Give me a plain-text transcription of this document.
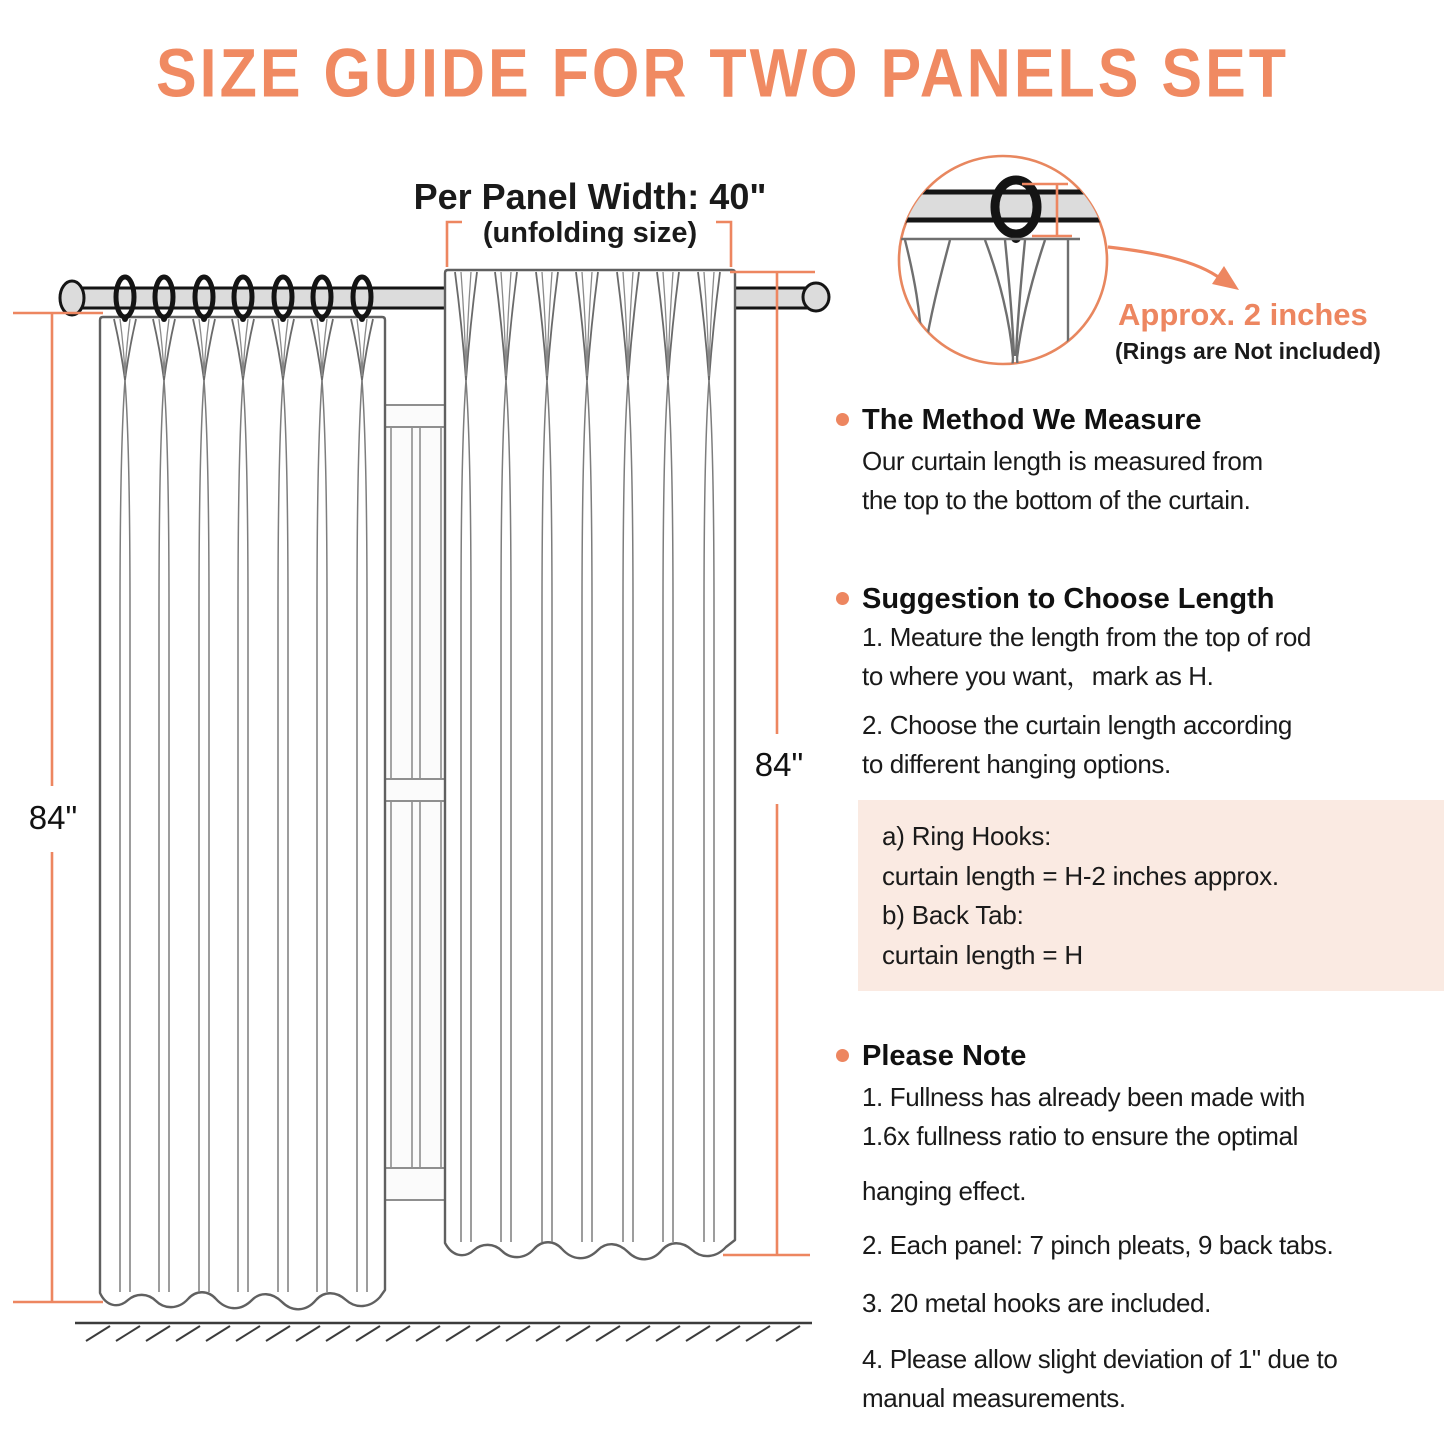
SIZE GUIDE FOR TWO PANELS SET
Per Panel Width: 40"
(unfolding size)
84"
84"
Approx. 2 inches
(Rings are Not included)
The Method We Measure
Our curtain length is measured from
the top to the bottom of the curtain.
Suggestion to Choose Length
1. Meature the length from the top of rod
to where you want，mark as H.
2. Choose the curtain length according
to different hanging options.
a) Ring Hooks:
curtain length = H-2 inches approx.
b) Back Tab:
curtain length = H
Please Note
1. Fullness has already been made with
1.6x fullness ratio to ensure the optimal
hanging effect.
2. Each panel: 7 pinch pleats, 9 back tabs.
3. 20 metal hooks are included.
4. Please allow slight deviation of 1" due to
manual measurements.
